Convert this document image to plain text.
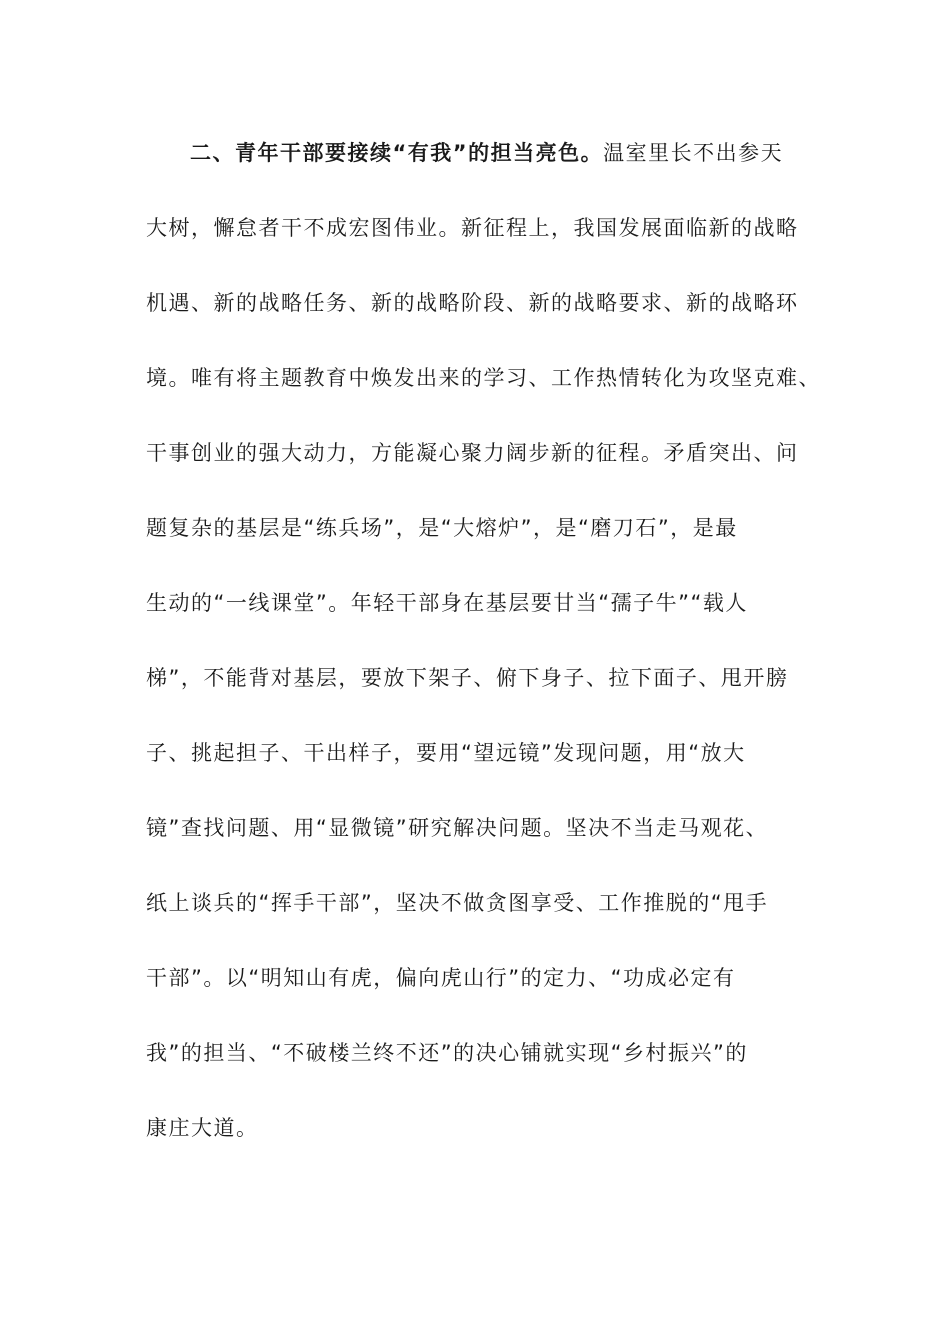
二、青年干部要接续“有我”的担当亮色。温室里长不出参天
大树，懈怠者干不成宏图伟业。新征程上，我国发展面临新的战略
机遇、新的战略任务、新的战略阶段、新的战略要求、新的战略环
境。唯有将主题教育中焕发出来的学习、工作热情转化为攻坚克难、
干事创业的强大动力，方能凝心聚力阔步新的征程。矛盾突出、问
题复杂的基层是“练兵场”，是“大熔炉”，是“磨刀石”，是最
生动的“一线课堂”。年轻干部身在基层要甘当“孺子牛”“载人
梯”，不能背对基层，要放下架子、俯下身子、拉下面子、甩开膀
子、挑起担子、干出样子，要用“望远镜”发现问题，用“放大
镜”查找问题、用“显微镜”研究解决问题。坚决不当走马观花、
纸上谈兵的“挥手干部”，坚决不做贪图享受、工作推脱的“甩手
干部”。以“明知山有虎，偏向虎山行”的定力、“功成必定有
我”的担当、“不破楼兰终不还”的决心铺就实现“乡村振兴”的
康庄大道。
